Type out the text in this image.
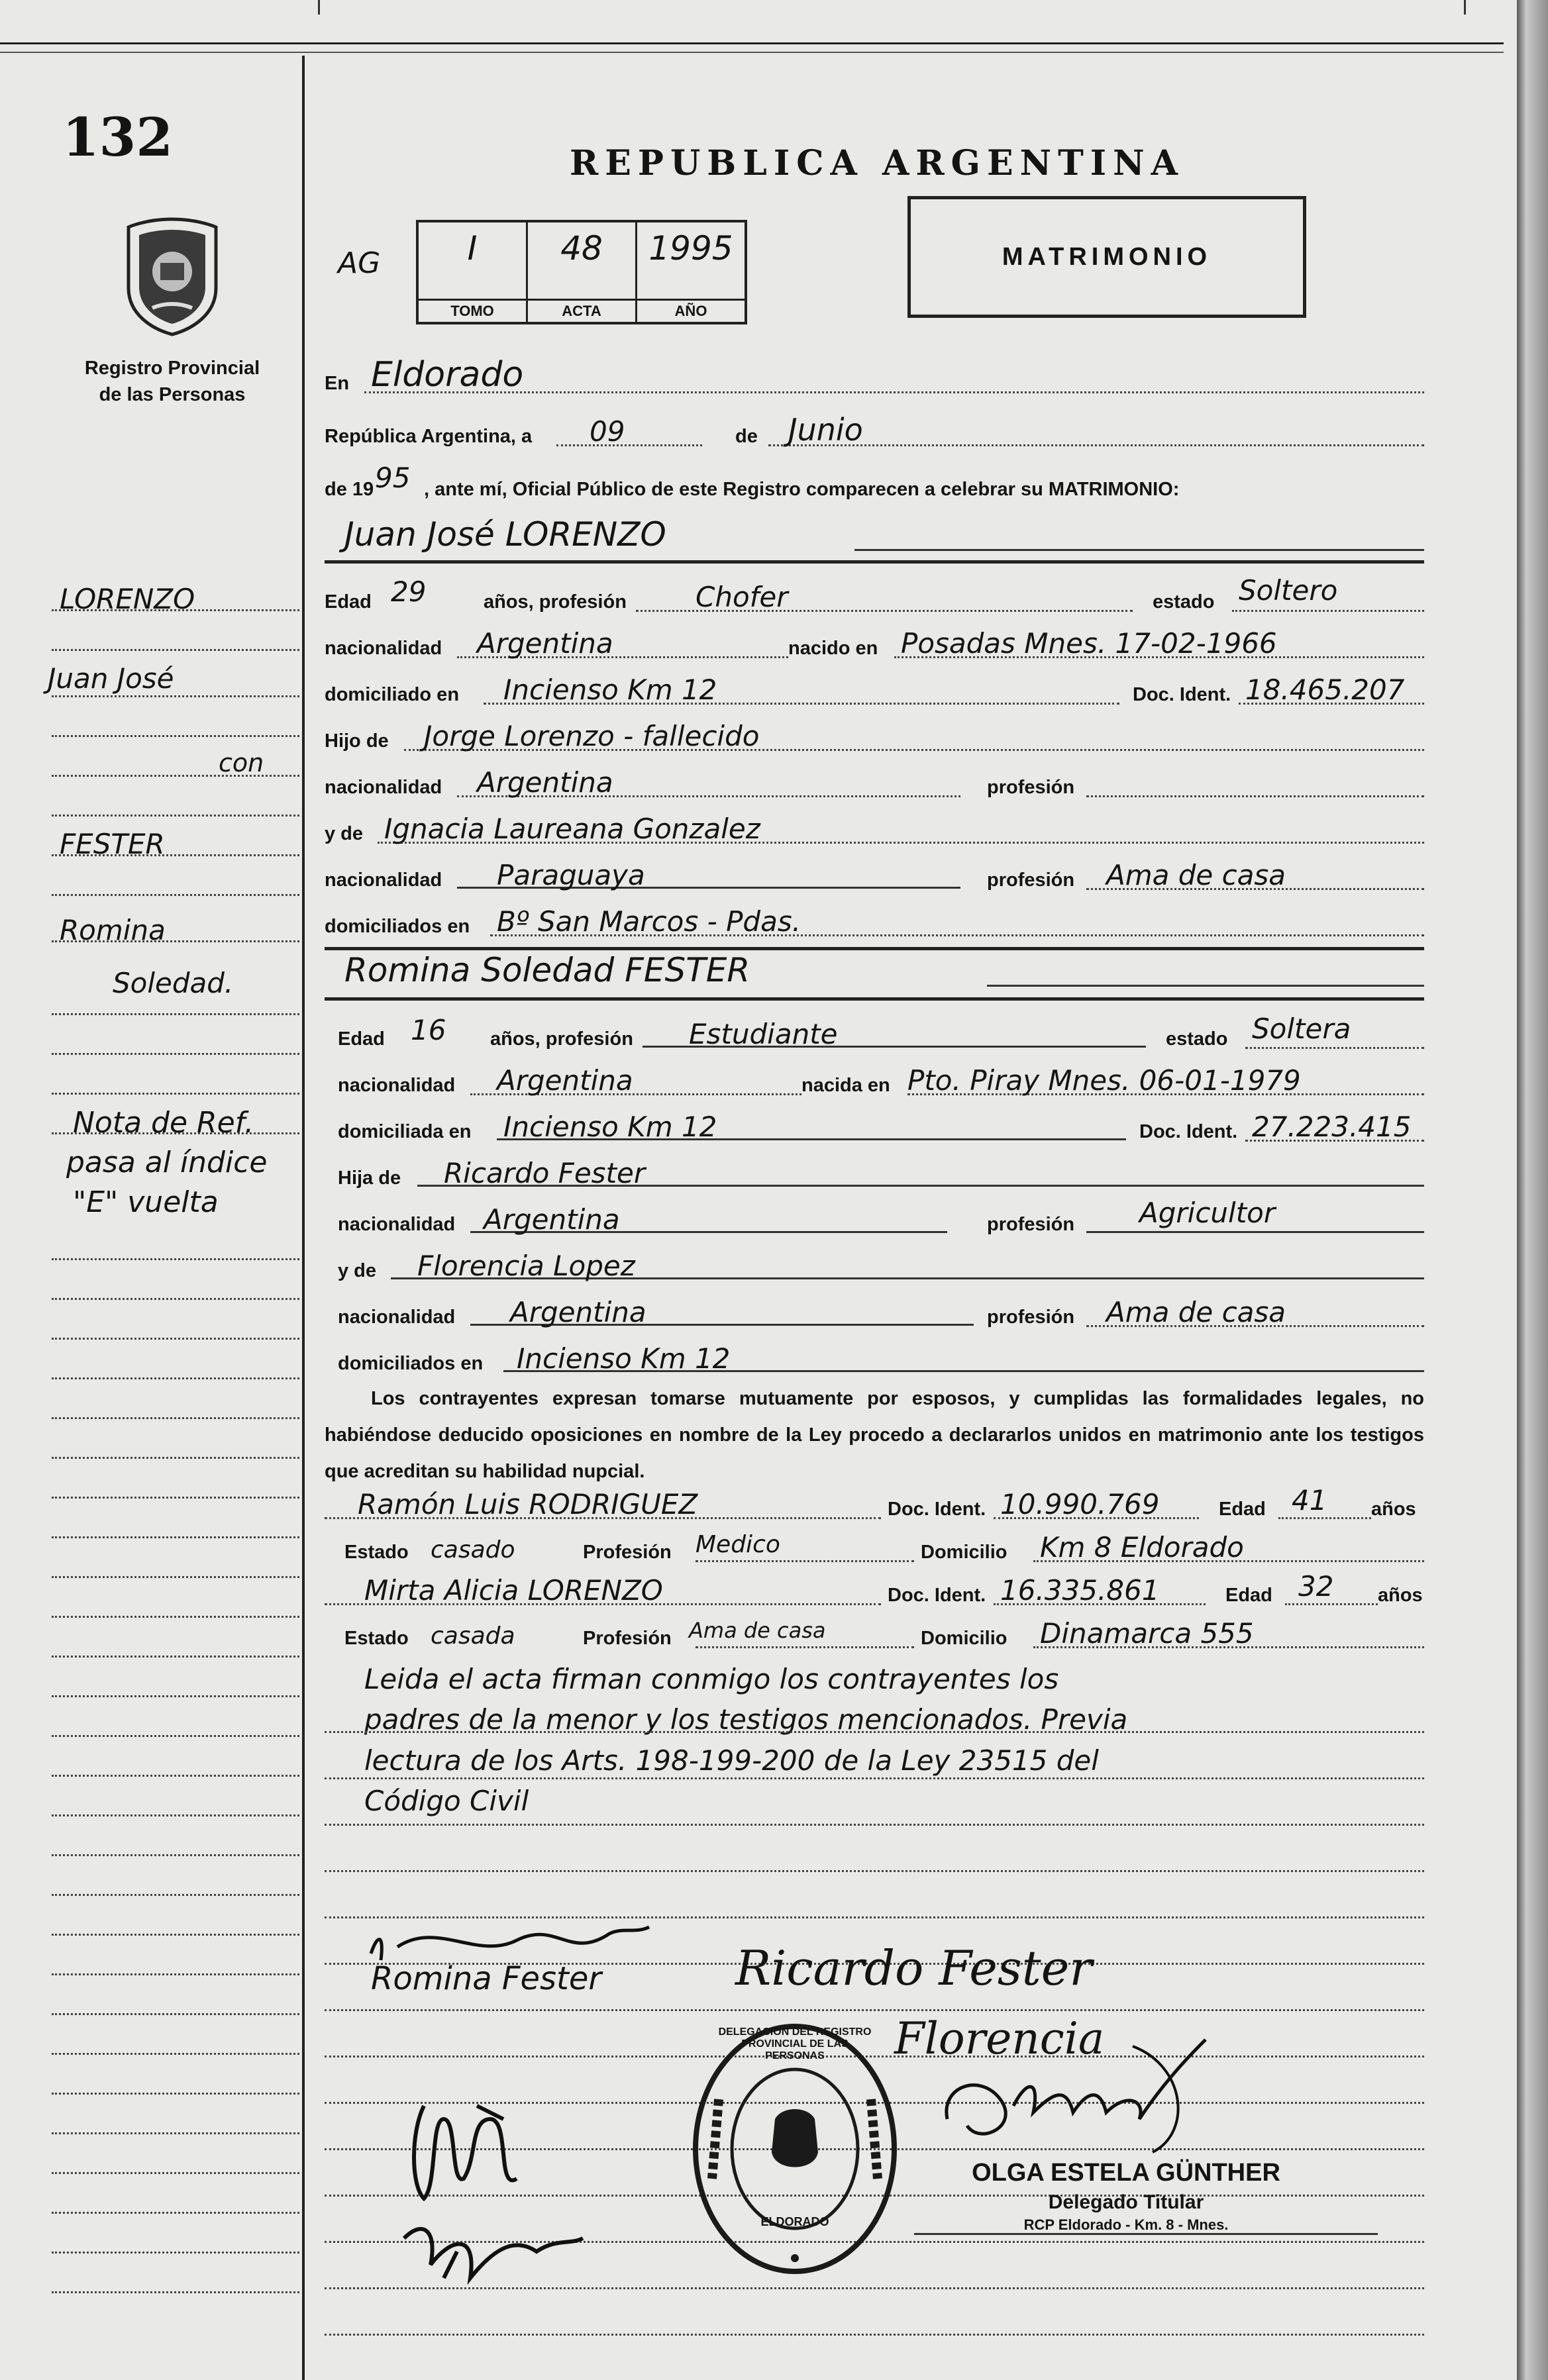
132
Registro Provincial
de las Personas
REPUBLICA ARGENTINA
AG	I
TOMO
48
ACTA
1995
AÑO
MATRIMONIO
LORENZO
Juan José
con
FESTER
Romina
Soledad.
Nota de Ref.
pasa al índice
"E" vuelta
En Eldorado
República Argentina, a 09	de Junio
de 19 95 , ante mí, Oficial Público de este Registro comparecen a celebrar su MATRIMONIO:
Juan José LORENZO
Edad 29	años, profesión Chofer	estado Soltero
nacionalidad Argentina	nacido en Posadas Mnes. 17-02-1966
domiciliado en Incienso Km 12	Doc. Ident. 18.465.207
Hijo de Jorge Lorenzo - fallecido
nacionalidad Argentina	profesión
y de Ignacia Laureana Gonzalez
nacionalidad Paraguaya	profesión Ama de casa
domiciliados en Bº San Marcos - Pdas.
Romina Soledad FESTER
Edad 16 años, profesión Estudiante	estado Soltera
nacionalidad Argentina	nacida en Pto. Piray Mnes. 06-01-1979
domiciliada en Incienso Km 12	Doc. Ident. 27.223.415
Hija de Ricardo Fester
nacionalidad Argentina	profesión Agricultor
y de Florencia Lopez
nacionalidad Argentina	profesión Ama de casa
domiciliados en Incienso Km 12
Los contrayentes expresan tomarse mutuamente por esposos, y cumplidas las formalidades legales, no habiéndose deducido oposiciones en nombre de la Ley procedo a declararlos unidos en matrimonio ante los testigos que acreditan su habilidad nupcial.
Ramón Luis RODRIGUEZ	Doc. Ident. 10.990.769	Edad 41 años
Estado casado	Profesión Medico	Domicilio Km 8 Eldorado
Mirta Alicia LORENZO	Doc. Ident. 16.335.861	Edad 32 años
Estado casada	Profesión Ama de casa	Domicilio Dinamarca 555
Leida el acta firman conmigo los contrayentes los
padres de la menor y los testigos mencionados. Previa
lectura de los Arts. 198-199-200 de la Ley 23515 del
Código Civil
Romina Fester	Ricardo Fester
Florencia
DELEGACION DEL REGISTRO PROVINCIAL DE LAS PERSONAS
ELDORADO
OLGA ESTELA GÜNTHER
Delegado Titular
RCP Eldorado - Km. 8 - Mnes.
